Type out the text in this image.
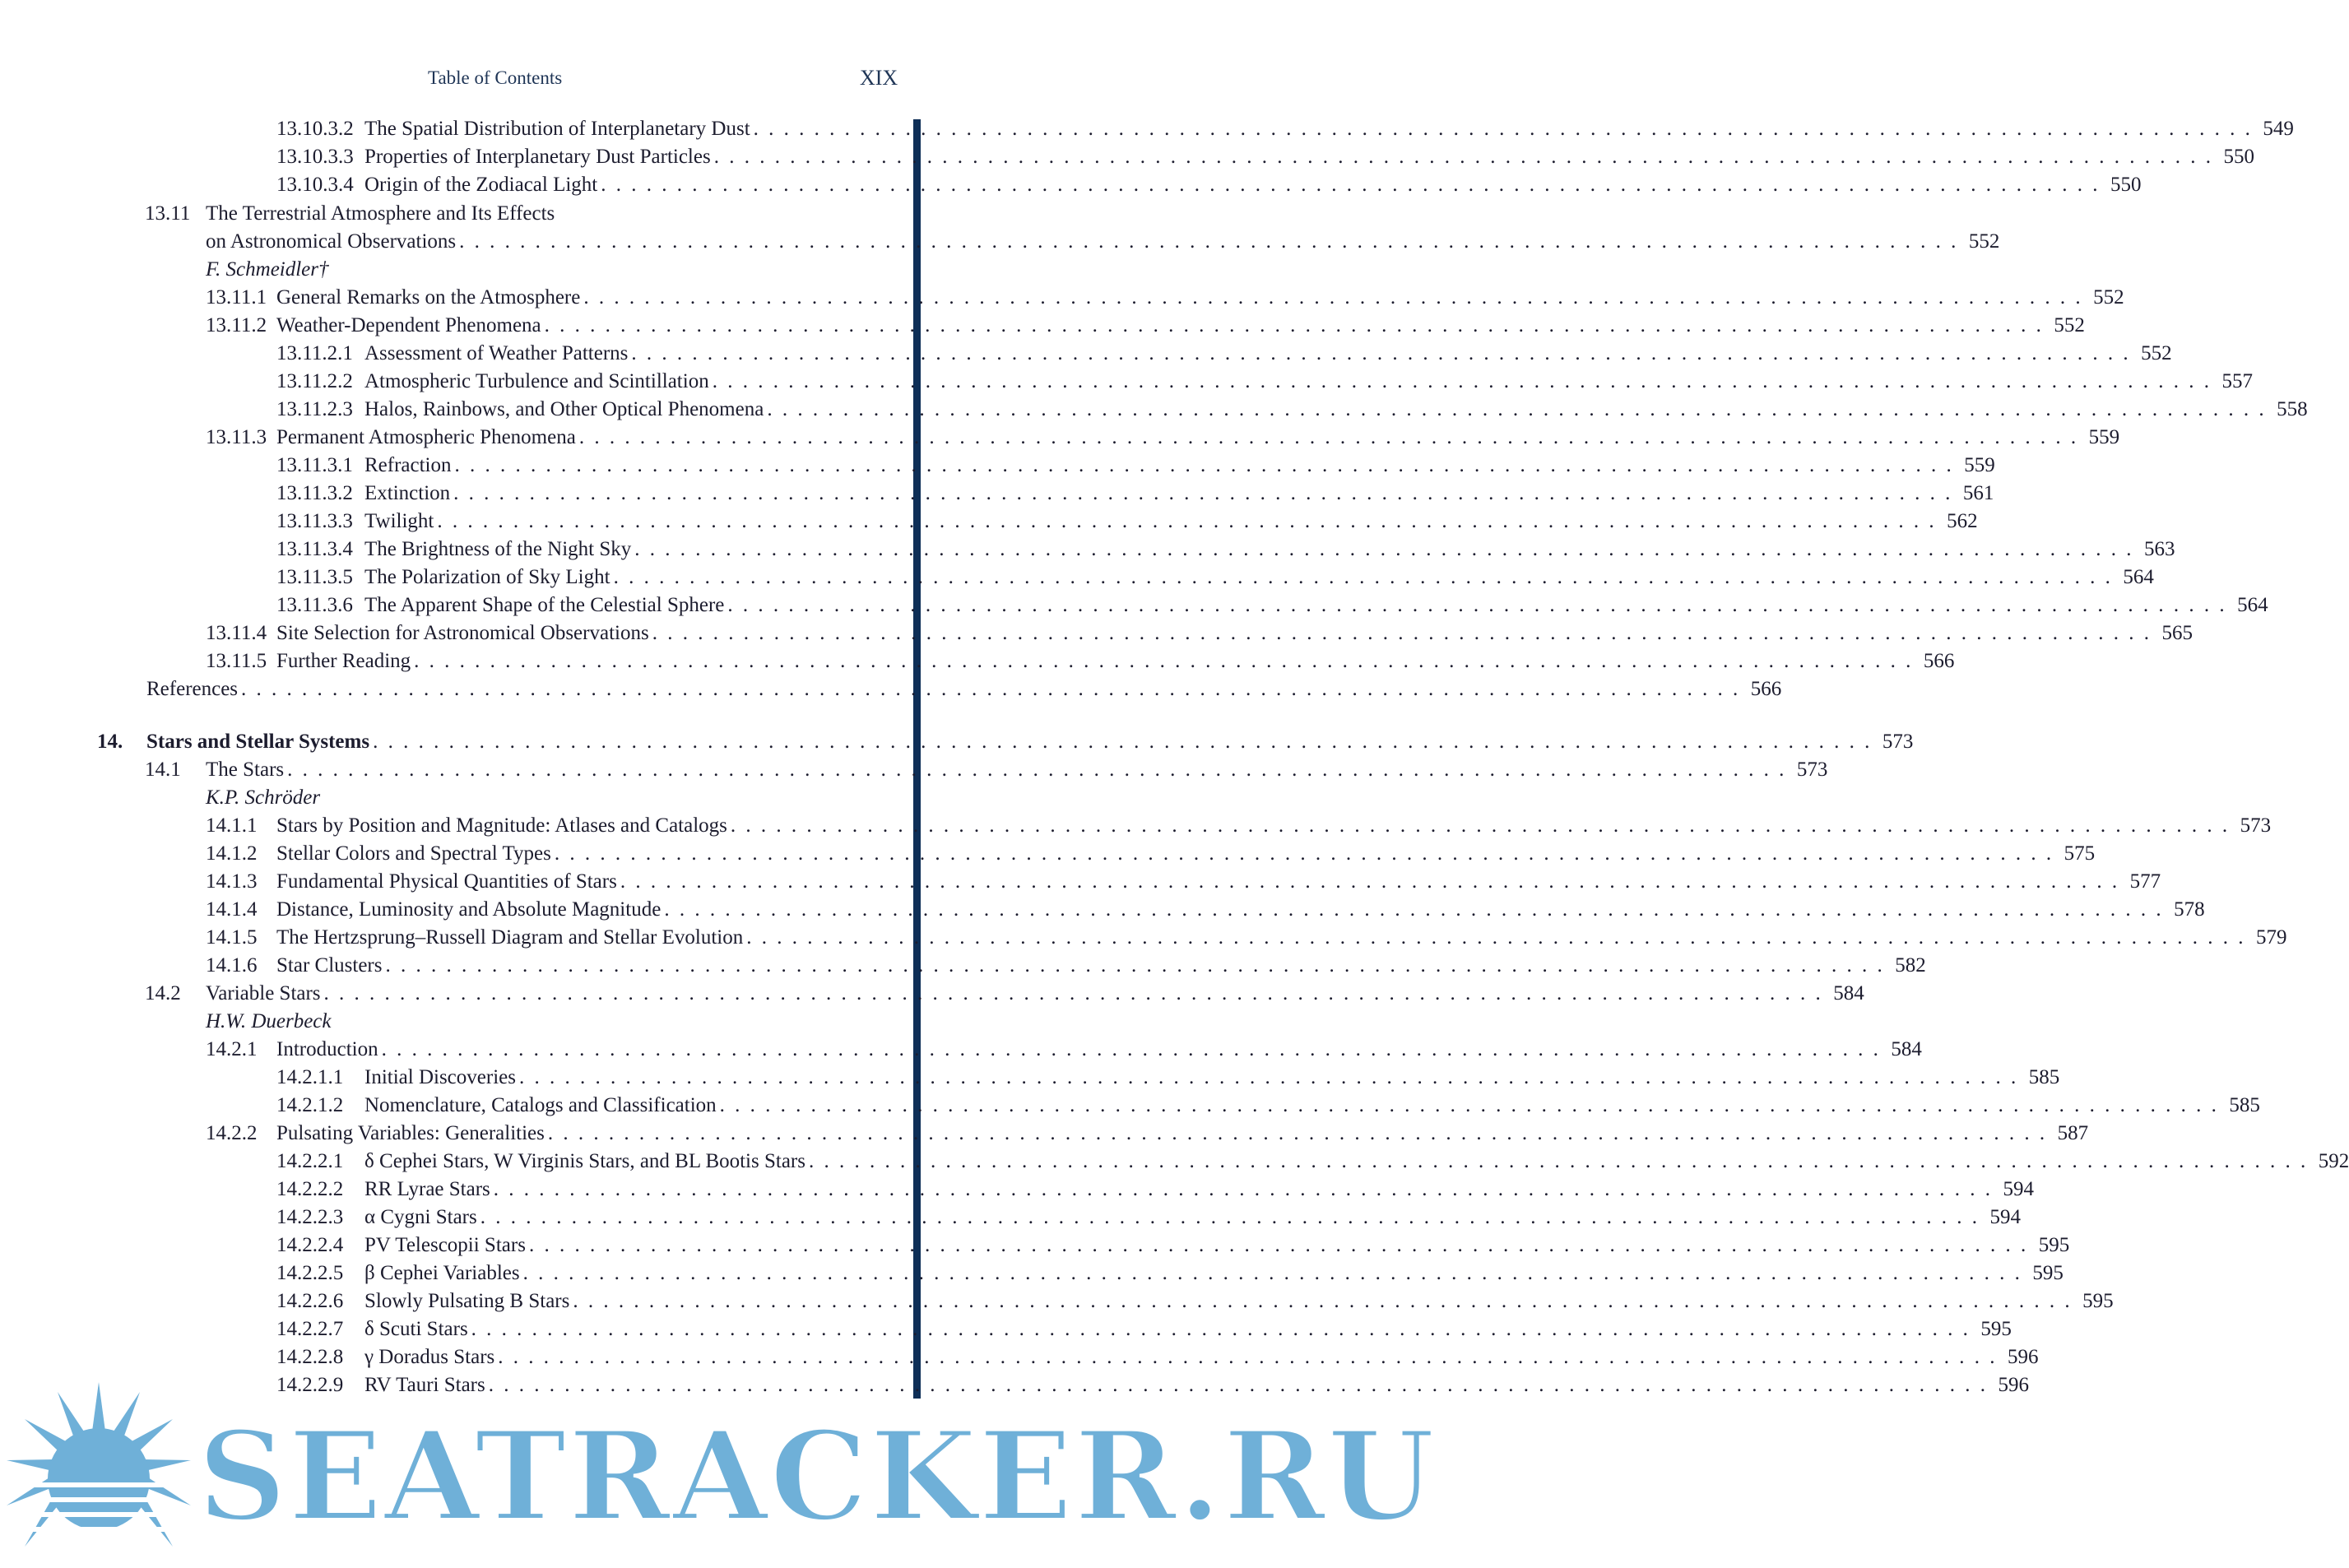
Table of Contents	XIX
13.10.3.2 The Spatial Distribution of Interplanetary Dust . . .	549
13.10.3.3 Properties of Interplanetary Dust Particles . . .	550
13.10.3.4 Origin of the Zodiacal Light . . .	550
13.11 The Terrestrial Atmosphere and Its Effects
on Astronomical Observations . . .	552
F. Schmeidler†
13.11.1 General Remarks on the Atmosphere . . .	552
13.11.2 Weather-Dependent Phenomena . . .	552
13.11.2.1 Assessment of Weather Patterns . . .	552
13.11.2.2 Atmospheric Turbulence and Scintillation . . .	557
13.11.2.3 Halos, Rainbows, and Other Optical Phenomena . . .	558
13.11.3 Permanent Atmospheric Phenomena . . .	559
13.11.3.1 Refraction . . .	559
13.11.3.2 Extinction . . .	561
13.11.3.3 Twilight . . .	562
13.11.3.4 The Brightness of the Night Sky . . .	563
13.11.3.5 The Polarization of Sky Light . . .	564
13.11.3.6 The Apparent Shape of the Celestial Sphere . . .	564
13.11.4 Site Selection for Astronomical Observations . . .	565
13.11.5 Further Reading . . .	566
References . . .	566
14.	Stars and Stellar Systems . . .	573
14.1	The Stars . . .	573
K.P. Schröder
14.1.1 Stars by Position and Magnitude: Atlases and Catalogs . . .	573
14.1.2 Stellar Colors and Spectral Types . . .	575
14.1.3 Fundamental Physical Quantities of Stars . . .	577
14.1.4 Distance, Luminosity and Absolute Magnitude . . .	578
14.1.5 The Hertzsprung–Russell Diagram and Stellar Evolution . . .	579
14.1.6 Star Clusters . . .	582
14.2	Variable Stars . . .	584
H.W. Duerbeck
14.2.1 Introduction . . .	584
14.2.1.1	Initial Discoveries . . .	585
14.2.1.2	Nomenclature, Catalogs and Classification . . .	585
14.2.2 Pulsating Variables: Generalities . . .	587
14.2.2.1	δ Cephei Stars, W Virginis Stars, and BL Bootis Stars . . .	592
14.2.2.2	RR Lyrae Stars . . .	594
14.2.2.3	α Cygni Stars . . .	594
14.2.2.4	PV Telescopii Stars . . .	595
14.2.2.5	β Cephei Variables . . .	595
14.2.2.6	Slowly Pulsating B Stars . . .	595
14.2.2.7	δ Scuti Stars . . .	595
14.2.2.8	γ Doradus Stars . . .	596
14.2.2.9	RV Tauri Stars . . .	596
SEATRACKER.RU
